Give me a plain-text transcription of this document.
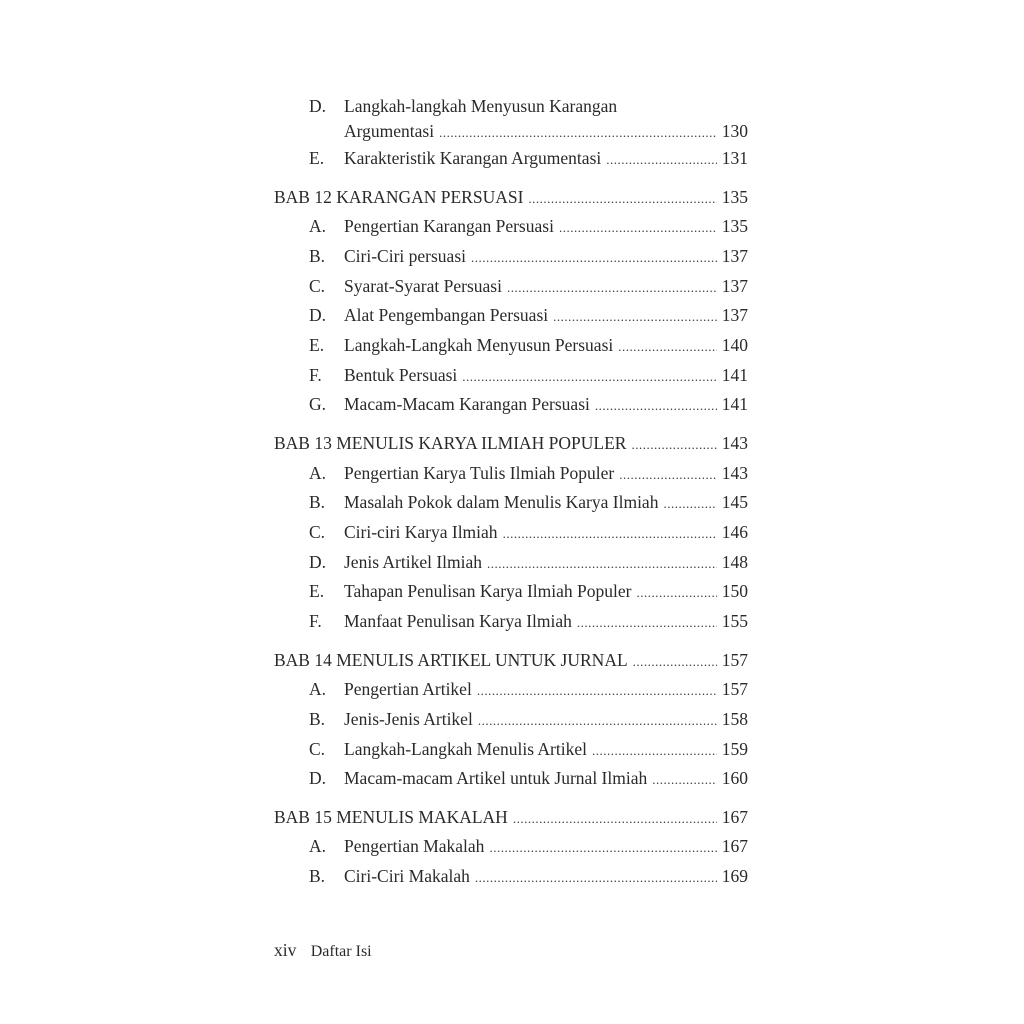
D.	Langkah-langkah Menyusun Karangan
Argumentasi .....	130
E.	Karakteristik Karangan Argumentasi .....	131
BAB 12 KARANGAN PERSUASI .....	135
A.	Pengertian Karangan Persuasi .....	135
B.	Ciri-Ciri persuasi .....	137
C.	Syarat-Syarat Persuasi .....	137
D.	Alat Pengembangan Persuasi .....	137
E.	Langkah-Langkah Menyusun Persuasi .....	140
F.	Bentuk Persuasi .....	141
G.	Macam-Macam Karangan Persuasi .....	141
BAB 13 MENULIS KARYA ILMIAH POPULER .....	143
A.	Pengertian Karya Tulis Ilmiah Populer .....	143
B.	Masalah Pokok dalam Menulis Karya Ilmiah .....	145
C.	Ciri-ciri Karya Ilmiah .....	146
D.	Jenis Artikel Ilmiah .....	148
E.	Tahapan Penulisan Karya Ilmiah Populer .....	150
F.	Manfaat Penulisan Karya Ilmiah .....	155
BAB 14 MENULIS ARTIKEL UNTUK JURNAL .....	157
A.	Pengertian Artikel .....	157
B.	Jenis-Jenis Artikel .....	158
C.	Langkah-Langkah Menulis Artikel .....	159
D.	Macam-macam Artikel untuk Jurnal Ilmiah .....	160
BAB 15 MENULIS MAKALAH .....	167
A.	Pengertian Makalah .....	167
B.	Ciri-Ciri Makalah .....	169
xiv Daftar Isi
